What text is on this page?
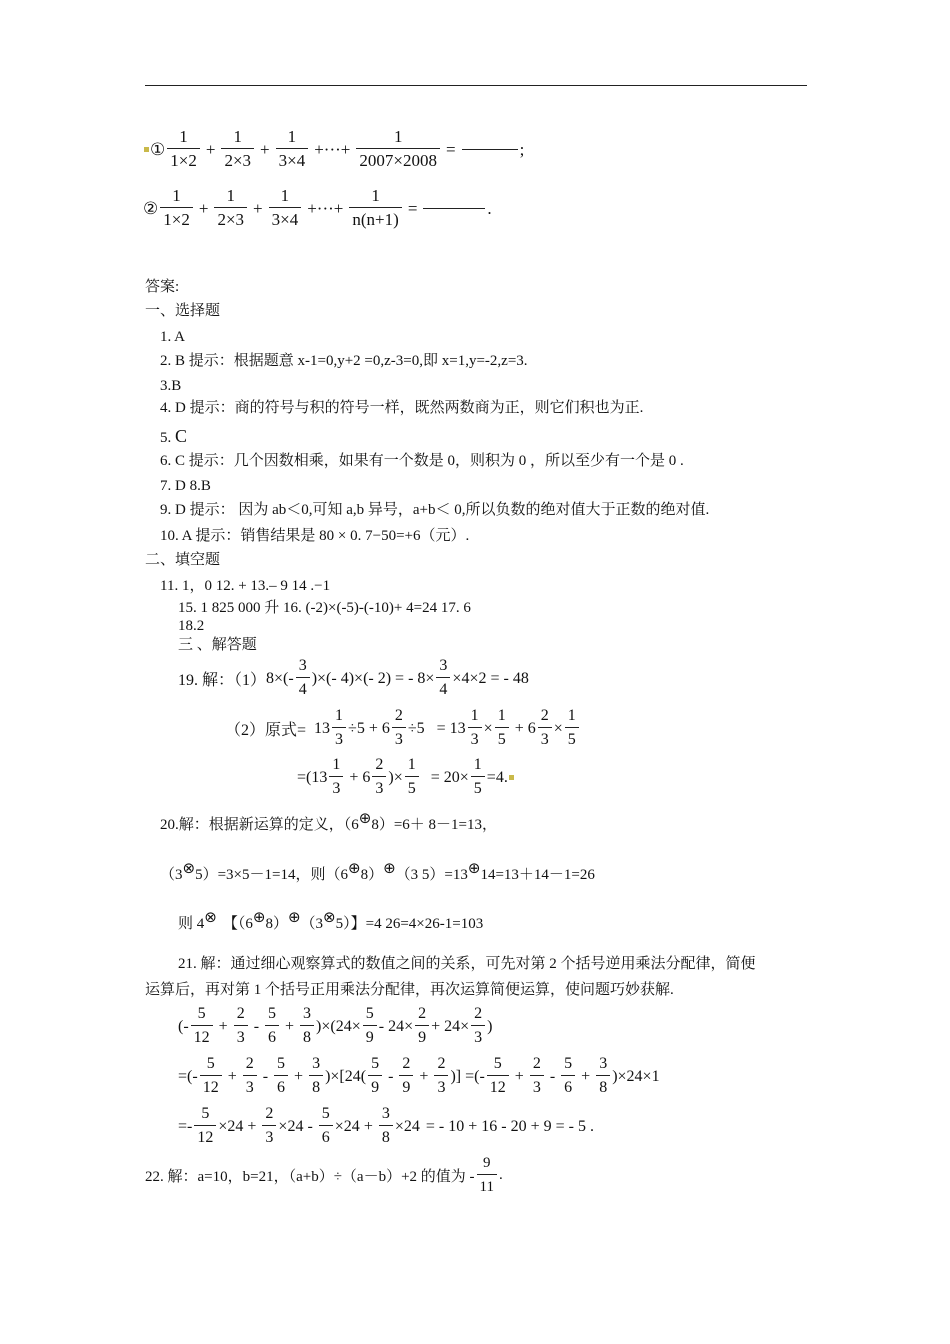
① $\frac{1}{1\times 2} + \frac{1}{2\times 3} + \frac{1}{3\times 4}$ +···+ $\frac{1}{2007\times 2008}$ =	;
② $\frac{1}{1\times 2} + \frac{1}{2\times 3} + \frac{1}{3\times 4}$ +···+ $\frac{1}{n(n+1)}$ =	.
答案:
一、选择题
1. A
2. B 提示：根据题意 x-1=0,y+2 =0,z-3=0,即 x=1,y=-2,z=3.
3.B
4. D 提示：商的符号与积的符号一样，既然两数商为正，则它们积也为正.
5. C
6. C 提示：几个因数相乘，如果有一个数是 0，则积为 0 ，所以至少有一个是 0 .
7. D 8.B
9. D 提示： 因为 ab＜0,可知 a,b 异号，a+b＜ 0,所以负数的绝对值大于正数的绝对值.
10. A 提示：销售结果是 80 × 0. 7−50=+6（元）.
二、填空题
11. 1，0 12. + 13.– 9 14 .−1
15. 1 825 000 升 16. (-2)×(-5)-(-10)+ 4=24 17. 6
18.2
三 、解答题
19. 解：（1） $8\times(- \frac{3}{4}$ )×(- 4)×(- 2) = - $8\times \frac{3}{4} \times 4\times 2$ = - 48
（2）原式= $13 \frac{1}{3} \div 5 + 6 \frac{2}{3} \div 5 = 13 \frac{1}{3} \times \frac{1}{5} + 6 \frac{2}{3} \times \frac{1}{5}$
=( $13 \frac{1}{3} + 6 \frac{2}{3}$ )× $\frac{1}{5} = 20\times \frac{1}{5} =4$.
20.解：根据新运算的定义，（6⊕8）=6＋ 8－1=13，
（3⊗5）=3×5－1=14，则（6⊕8）⊕（3 5）=13⊕14=13＋14－1=26
则 4⊗ 【（6⊕8）⊕（3⊗5）】=4 26=4×26-1=103
21. 解：通过细心观察算式的数值之间的关系，可先对第 2 个括号逆用乘法分配律，简便
运算后，再对第 1 个括号正用乘法分配律，再次运算简便运算，使问题巧妙获解.
(- $\frac{5}{12} + \frac{2}{3} - \frac{5}{6} + \frac{3}{8} )\times(24\times \frac{5}{9} - 24\times \frac{2}{9} + 24\times \frac{2}{3}$ )
=(- $\frac{5}{12} + \frac{2}{3} - \frac{5}{6} + \frac{3}{8} )\times[24( \frac{5}{9} - \frac{2}{9} + \frac{2}{3}$ )] =(- $\frac{5}{12} + \frac{2}{3} - \frac{5}{6} + \frac{3}{8} )\times 24\times 1$
=- $\frac{5}{12} \times 24 + \frac{2}{3} \times 24 - \frac{5}{6} \times 24 + \frac{3}{8} \times 24$ = - 10 + 16 - 20 + 9 = - 5 .
22. 解：a=10，b=21，（a+b）÷（a－b）+2 的值为 - $\frac{9}{11}$ .
